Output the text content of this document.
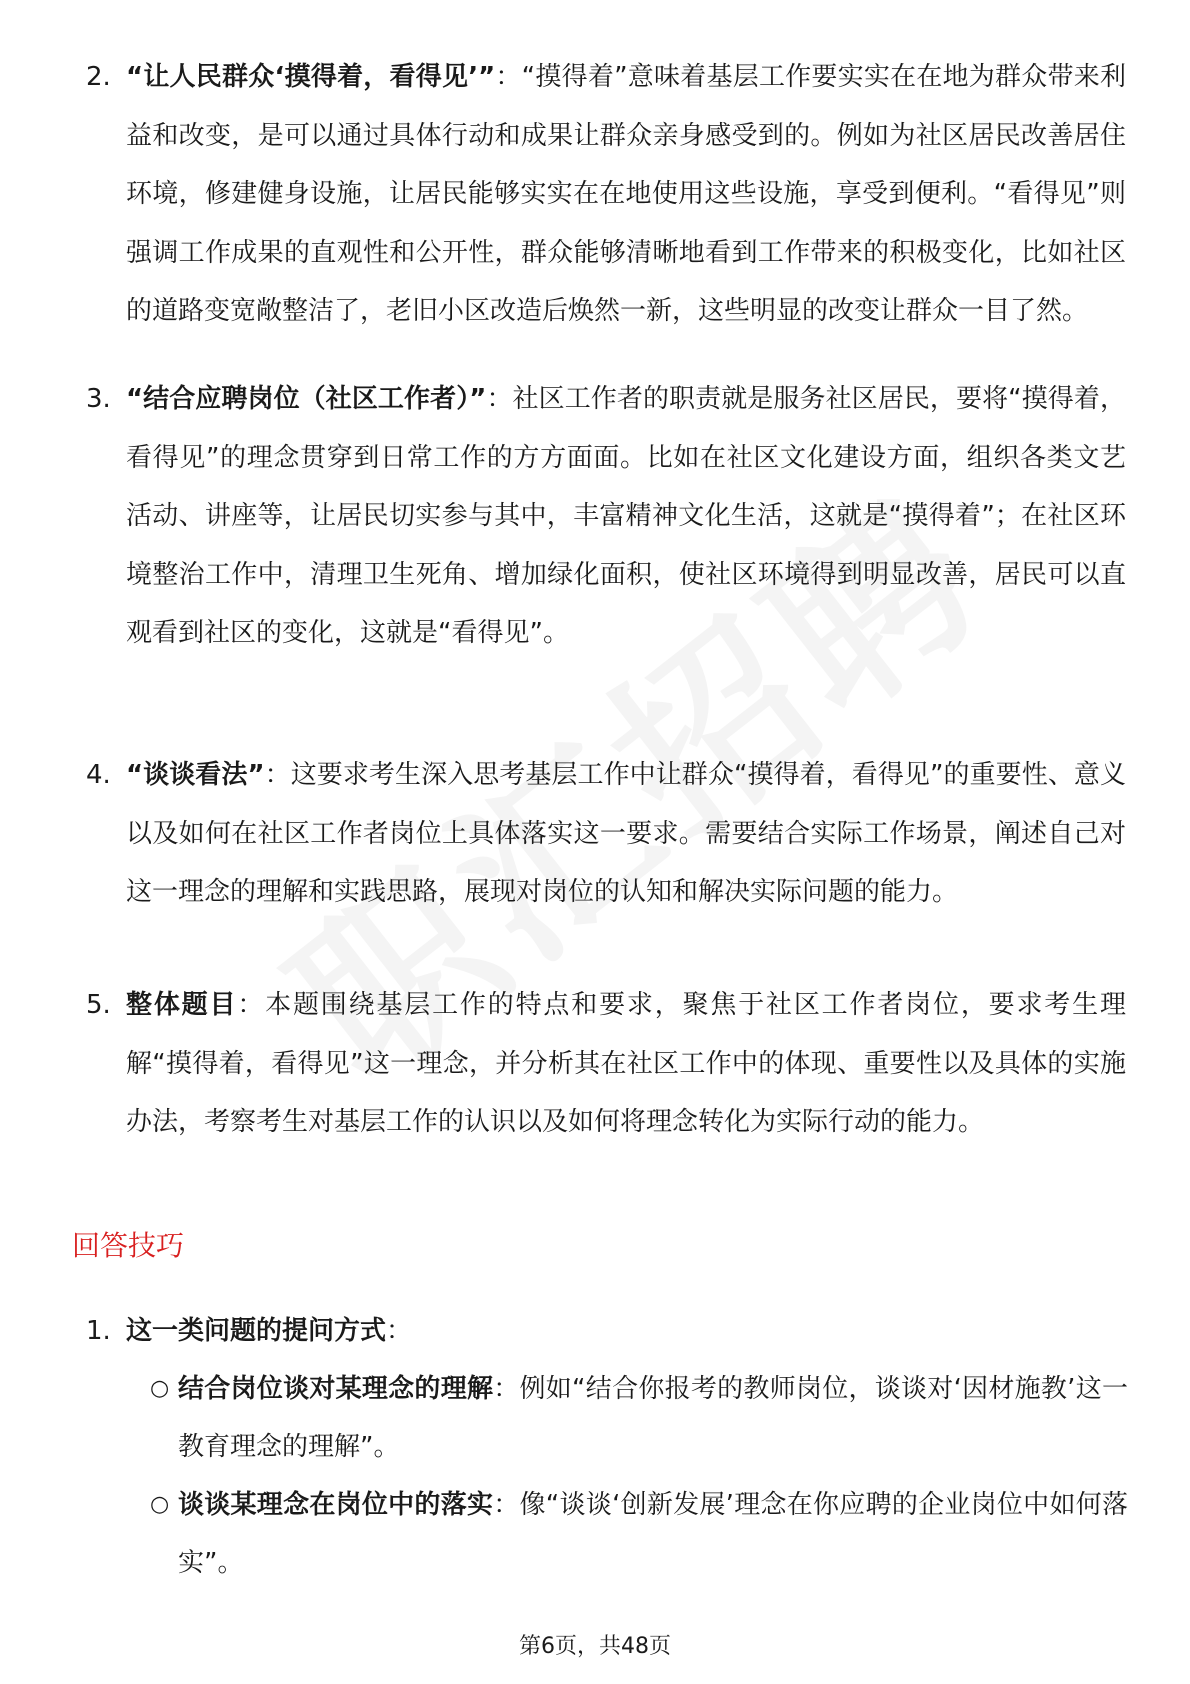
2. “让人民群众‘摸得着，看得见’”：“摸得着”意味着基层工作要实实在在地为群众带来利益和改变，是可以通过具体行动和成果让群众亲身感受到的。例如为社区居民改善居住环境，修建健身设施，让居民能够实实在在地使用这些设施，享受到便利。“看得见”则强调工作成果的直观性和公开性，群众能够清晰地看到工作带来的积极变化，比如社区的道路变宽敞整洁了，老旧小区改造后焕然一新，这些明显的改变让群众一目了然。
3. “结合应聘岗位（社区工作者）”：社区工作者的职责就是服务社区居民，要将“摸得着，看得见”的理念贯穿到日常工作的方方面面。比如在社区文化建设方面，组织各类文艺活动、讲座等，让居民切实参与其中，丰富精神文化生活，这就是“摸得着”；在社区环境整治工作中，清理卫生死角、增加绿化面积，使社区环境得到明显改善，居民可以直观看到社区的变化，这就是“看得见”。
4. “谈谈看法”：这要求考生深入思考基层工作中让群众“摸得着，看得见”的重要性、意义以及如何在社区工作者岗位上具体落实这一要求。需要结合实际工作场景，阐述自己对这一理念的理解和实践思路，展现对岗位的认知和解决实际问题的能力。
5. 整体题目：本题围绕基层工作的特点和要求，聚焦于社区工作者岗位，要求考生理解“摸得着，看得见”这一理念，并分析其在社区工作中的体现、重要性以及具体的实施办法，考察考生对基层工作的认识以及如何将理念转化为实际行动的能力。
回答技巧
1. 这一类问题的提问方式：
○ 结合岗位谈对某理念的理解：例如“结合你报考的教师岗位，谈谈对‘因材施教’这一教育理念的理解”。
○ 谈谈某理念在岗位中的落实：像“谈谈‘创新发展’理念在你应聘的企业岗位中如何落实”。
第6页，共48页
